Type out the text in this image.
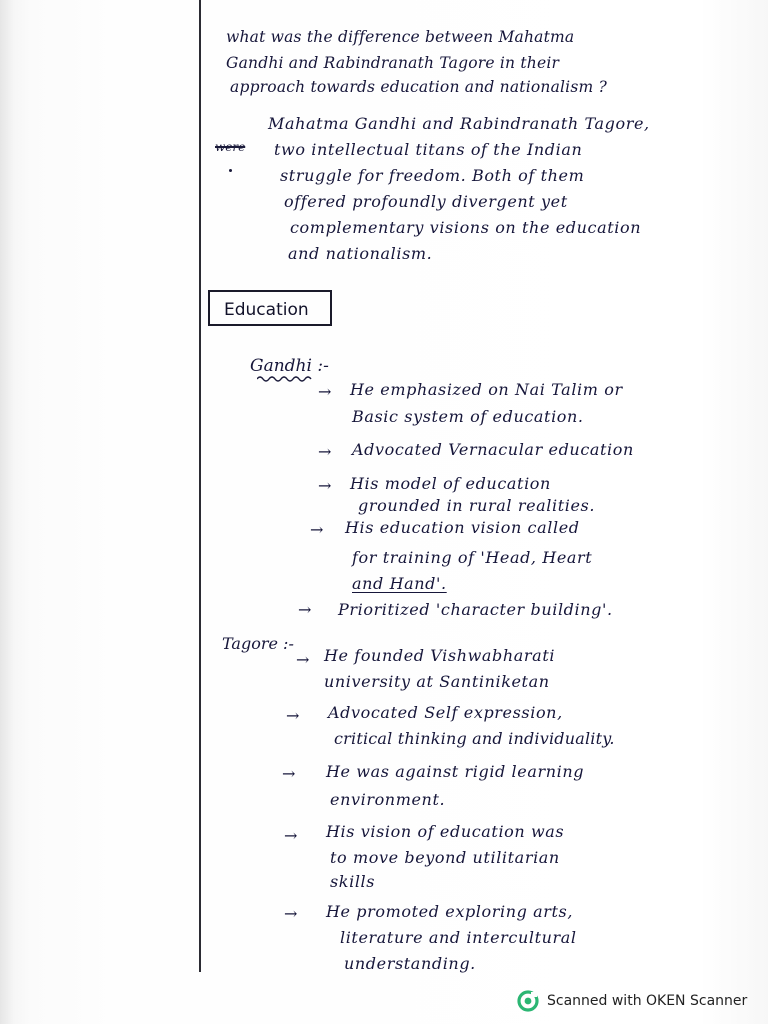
what was the difference between Mahatma
Gandhi and Rabindranath Tagore in their
approach towards education and nationalism ?
Mahatma Gandhi and Rabindranath Tagore,
were two intellectual titans of the Indian
struggle for freedom. Both of them
offered profoundly divergent yet
complementary visions on the education
and nationalism.
Education
Gandhi :-
→ He emphasized on Nai Talim or
Basic system of education.
→ Advocated Vernacular education
→ His model of education
grounded in rural realities.
→ His education vision called
for training of 'Head, Heart
and Hand'.
→ Prioritized 'character building'.
Tagore :-
→ He founded Vishwabharati
university at Santiniketan
→ Advocated Self expression,
critical thinking and individuality.
→ He was against rigid learning
environment.
→ His vision of education was
to move beyond utilitarian
skills
→ He promoted exploring arts,
literature and intercultural
understanding.
Scanned with OKEN Scanner
